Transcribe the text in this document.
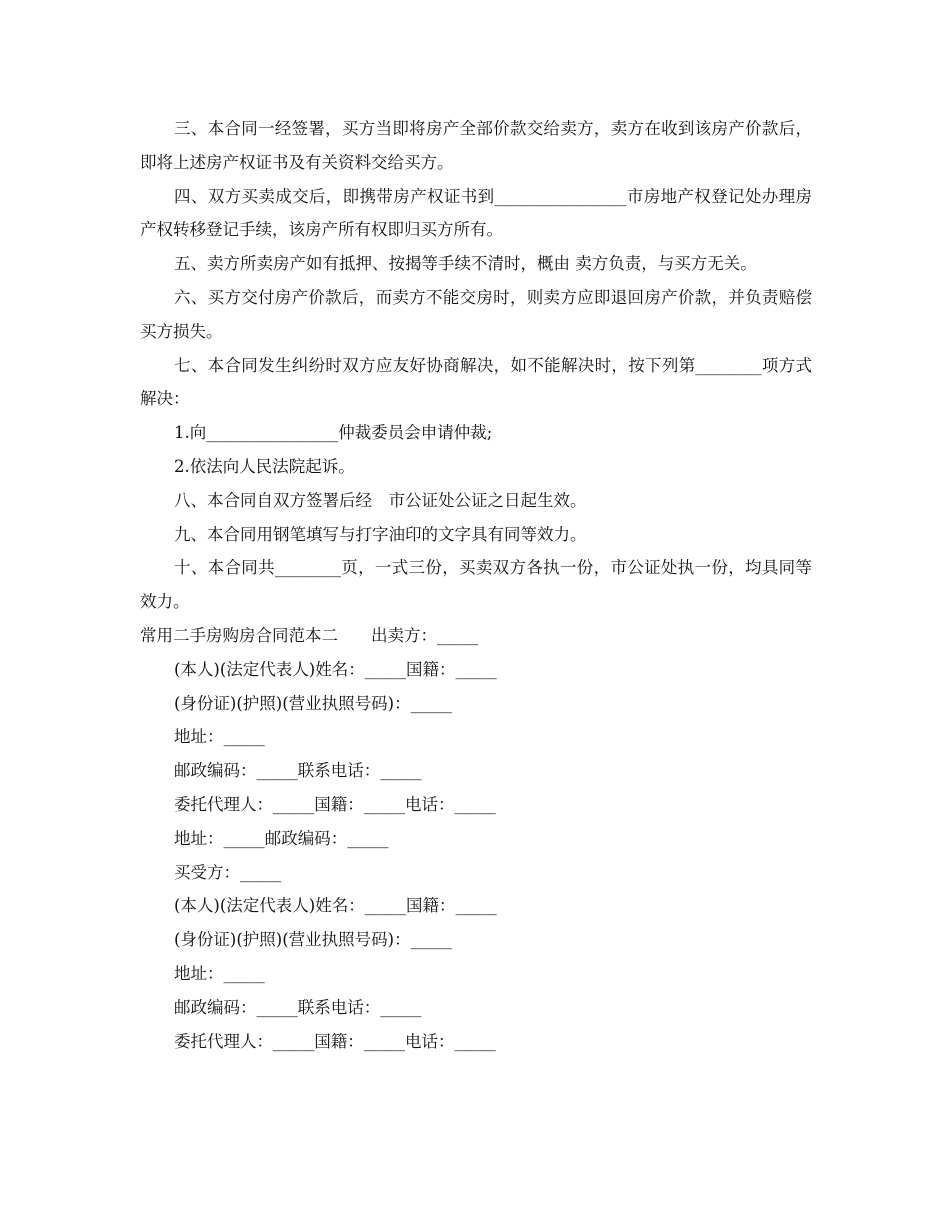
三、本合同一经签署，买方当即将房产全部价款交给卖方，卖方在收到该房产价款后，即将上述房产权证书及有关资料交给买方。

四、双方买卖成交后，即携带房产权证书到________________市房地产权登记处办理房产权转移登记手续，该房产所有权即归买方所有。

五、卖方所卖房产如有抵押、按揭等手续不清时，概由 卖方负责，与买方无关。

六、买方交付房产价款后，而卖方不能交房时，则卖方应即退回房产价款，并负责赔偿买方损失。

七、本合同发生纠纷时双方应友好协商解决，如不能解决时，按下列第________项方式解决：

1.向________________仲裁委员会申请仲裁;

2.依法向人民法院起诉。

八、本合同自双方签署后经　市公证处公证之日起生效。

九、本合同用钢笔填写与打字油印的文字具有同等效力。

十、本合同共________页，一式三份，买卖双方各执一份，市公证处执一份，均具同等效力。

常用二手房购房合同范本二　　出卖方：_____

(本人)(法定代表人)姓名：_____国籍：_____

(身份证)(护照)(营业执照号码)：_____

地址：_____

邮政编码：_____联系电话：_____

委托代理人：_____国籍：_____电话：_____

地址：_____邮政编码：_____

买受方：_____

(本人)(法定代表人)姓名：_____国籍：_____

(身份证)(护照)(营业执照号码)：_____

地址：_____

邮政编码：_____联系电话：_____

委托代理人：_____国籍：_____电话：_____
